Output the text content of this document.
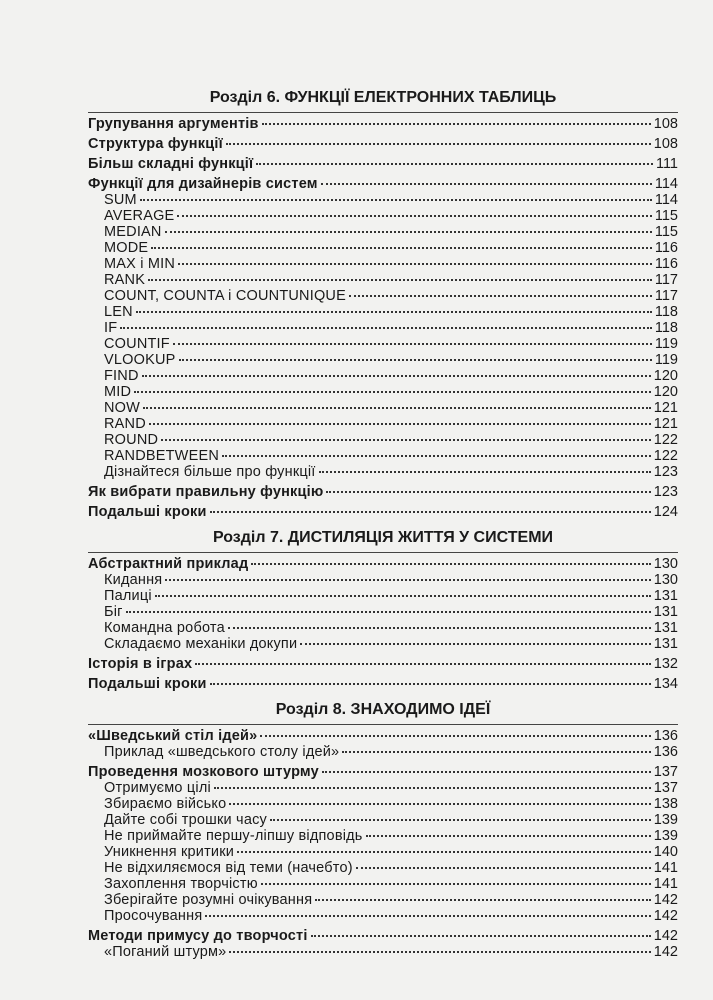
Розділ 6. ФУНКЦІЇ ЕЛЕКТРОННИХ ТАБЛИЦЬ
Групування аргументів	108
Структура функції	108
Більш складні функції	111
Функції для дизайнерів систем	114
SUM	114
AVERAGE	115
MEDIAN	115
MODE	116
MAX і MIN	116
RANK	117
COUNT, COUNTA і COUNTUNIQUE	117
LEN	118
IF	118
COUNTIF	119
VLOOKUP	119
FIND	120
MID	120
NOW	121
RAND	121
ROUND	122
RANDBETWEEN	122
Дізнайтеся більше про функції	123
Як вибрати правильну функцію	123
Подальші кроки	124
Розділ 7. ДИСТИЛЯЦІЯ ЖИТТЯ У СИСТЕМИ
Абстрактний приклад	130
Кидання	130
Палиці	131
Біг	131
Командна робота	131
Складаємо механіки докупи	131
Історія в іграх	132
Подальші кроки	134
Розділ 8. ЗНАХОДИМО ІДЕЇ
«Шведський стіл ідей»	136
Приклад «шведського столу ідей»	136
Проведення мозкового штурму	137
Отримуємо цілі	137
Збираємо військо	138
Дайте собі трошки часу	139
Не приймайте першу-ліпшу відповідь	139
Уникнення критики	140
Не відхиляємося від теми (начебто)	141
Захоплення творчістю	141
Зберігайте розумні очікування	142
Просочування	142
Методи примусу до творчості	142
«Поганий штурм»	142
